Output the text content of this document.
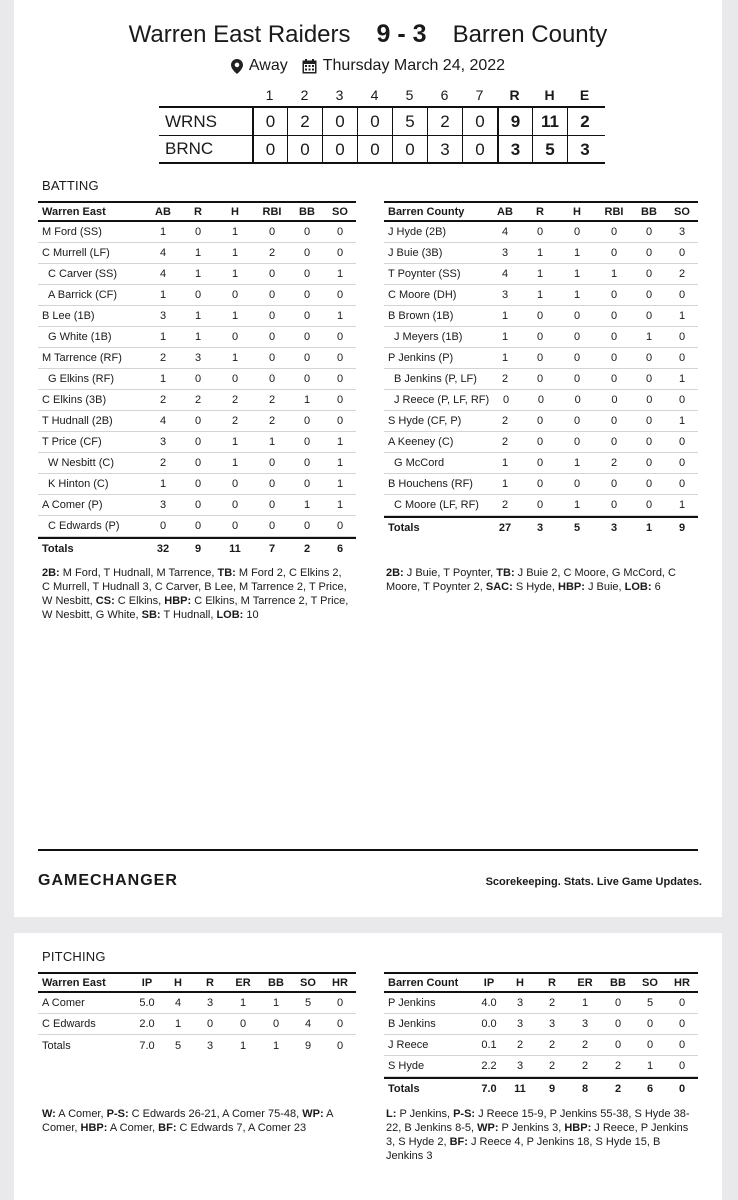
Warren East Raiders 9 - 3 Barren County
Away Thursday March 24, 2022
1	2	3	4	5	6	7	R	H	E
WRNS	0	2	0	0	5	2	0	9	11	2
BRNC	0	0	0	0	0	3	0	3	5	3
BATTING
Warren East	AB	R	H	RBI	BB	SO
M Ford (SS)	1	0	1	0	0	0
C Murrell (LF)	4	1	1	2	0	0
C Carver (SS)	4	1	1	0	0	1
A Barrick (CF)	1	0	0	0	0	0
B Lee (1B)	3	1	1	0	0	1
G White (1B)	1	1	0	0	0	0
M Tarrence (RF)	2	3	1	0	0	0
G Elkins (RF)	1	0	0	0	0	0
C Elkins (3B)	2	2	2	2	1	0
T Hudnall (2B)	4	0	2	2	0	0
T Price (CF)	3	0	1	1	0	1
W Nesbitt (C)	2	0	1	0	0	1
K Hinton (C)	1	0	0	0	0	1
A Comer (P)	3	0	0	0	1	1
C Edwards (P)	0	0	0	0	0	0
Totals	32	9	11	7	2	6
Barren County	AB	R	H	RBI	BB	SO
J Hyde (2B)	4	0	0	0	0	3
J Buie (3B)	3	1	1	0	0	0
T Poynter (SS)	4	1	1	1	0	2
C Moore (DH)	3	1	1	0	0	0
B Brown (1B)	1	0	0	0	0	1
J Meyers (1B)	1	0	0	0	1	0
P Jenkins (P)	1	0	0	0	0	0
B Jenkins (P, LF)	2	0	0	0	0	1
J Reece (P, LF, RF)	0	0	0	0	0	0
S Hyde (CF, P)	2	0	0	0	0	1
A Keeney (C)	2	0	0	0	0	0
G McCord	1	0	1	2	0	0
B Houchens (RF)	1	0	0	0	0	0
C Moore (LF, RF)	2	0	1	0	0	1
Totals	27	3	5	3	1	9
2B: M Ford, T Hudnall, M Tarrence, TB: M Ford 2, C Elkins 2, C Murrell, T Hudnall 3, C Carver, B Lee, M Tarrence 2, T Price, W Nesbitt, CS: C Elkins, HBP: C Elkins, M Tarrence 2, T Price, W Nesbitt, G White, SB: T Hudnall, LOB: 10
2B: J Buie, T Poynter, TB: J Buie 2, C Moore, G McCord, C Moore, T Poynter 2, SAC: S Hyde, HBP: J Buie, LOB: 6
GAMECHANGER	Scorekeeping. Stats. Live Game Updates.
PITCHING
Warren East	IP	H	R	ER	BB	SO	HR
A Comer	5.0	4	3	1	1	5	0
C Edwards	2.0	1	0	0	0	4	0
Totals	7.0	5	3	1	1	9	0
Barren Count	IP	H	R	ER	BB	SO	HR
P Jenkins	4.0	3	2	1	0	5	0
B Jenkins	0.0	3	3	3	0	0	0
J Reece	0.1	2	2	2	0	0	0
S Hyde	2.2	3	2	2	2	1	0
Totals	7.0	11	9	8	2	6	0
W: A Comer, P-S: C Edwards 26-21, A Comer 75-48, WP: A Comer, HBP: A Comer, BF: C Edwards 7, A Comer 23
L: P Jenkins, P-S: J Reece 15-9, P Jenkins 55-38, S Hyde 38-22, B Jenkins 8-5, WP: P Jenkins 3, HBP: J Reece, P Jenkins 3, S Hyde 2, BF: J Reece 4, P Jenkins 18, S Hyde 15, B Jenkins 3
